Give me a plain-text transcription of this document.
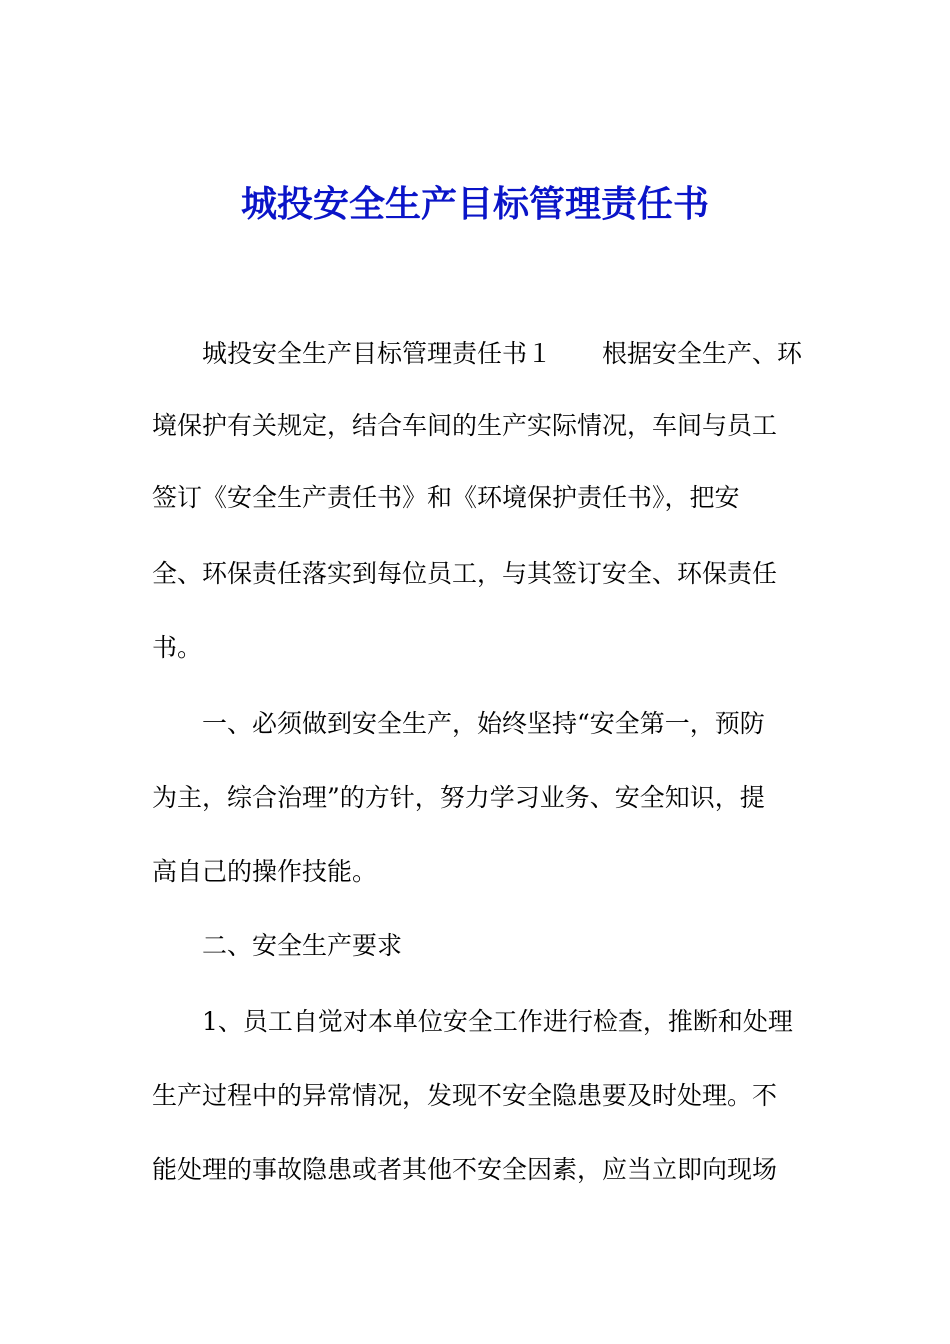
城投安全生产目标管理责任书
城投安全生产目标管理责任书１　　根据安全生产、环
境保护有关规定，结合车间的生产实际情况，车间与员工
签订《安全生产责任书》和《环境保护责任书》，把安
全、环保责任落实到每位员工，与其签订安全、环保责任
书。
一、必须做到安全生产，始终坚持“安全第一，预防
为主，综合治理”的方针，努力学习业务、安全知识，提
高自己的操作技能。
二、安全生产要求
1、员工自觉对本单位安全工作进行检查，推断和处理
生产过程中的异常情况，发现不安全隐患要及时处理。不
能处理的事故隐患或者其他不安全因素，应当立即向现场
